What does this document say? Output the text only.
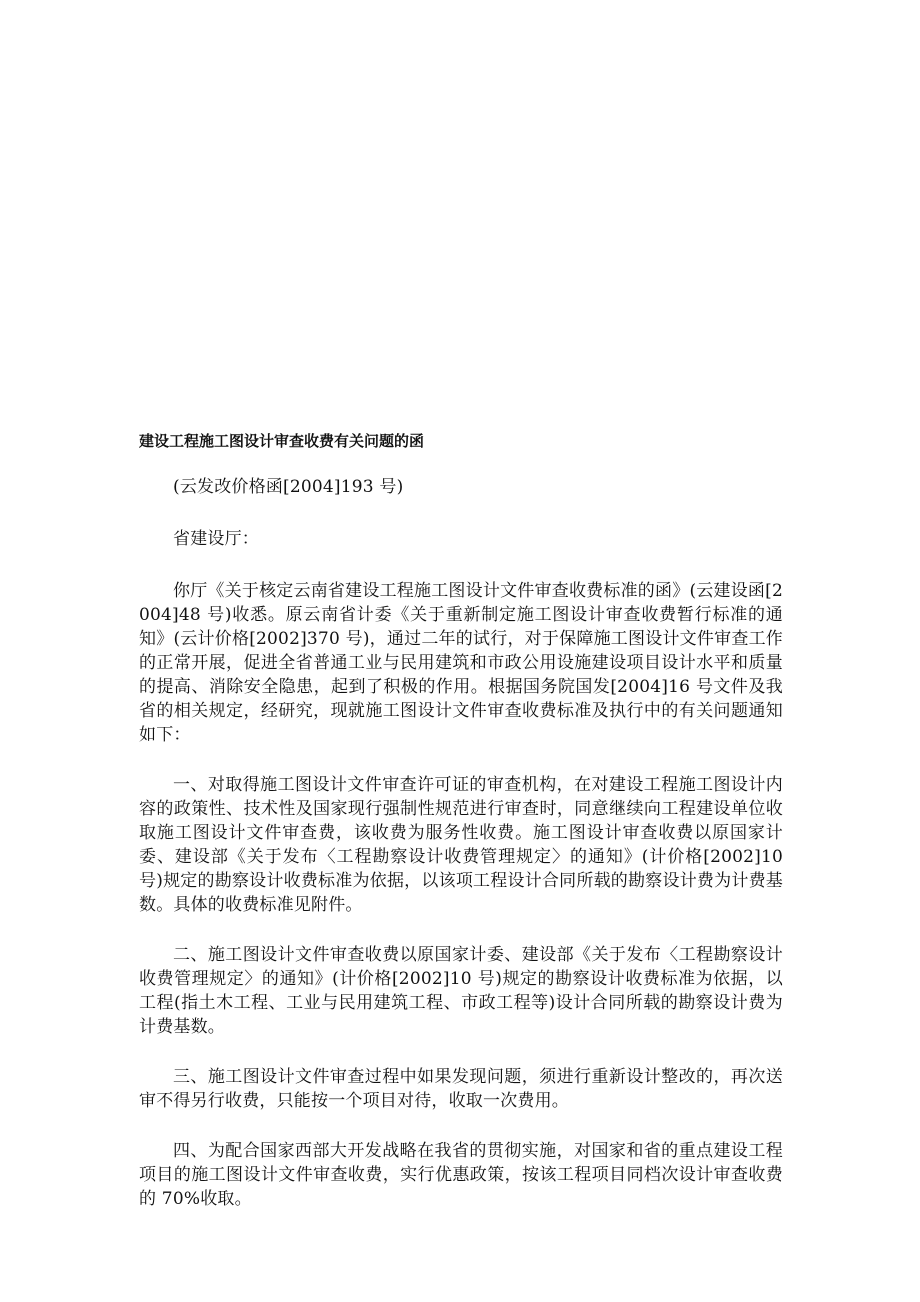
建设工程施工图设计审查收费有关问题的函

(云发改价格函[2004]193 号)

省建设厅：

你厅《关于核定云南省建设工程施工图设计文件审查收费标准的函》(云建设函[2004]48 号)收悉。原云南省计委《关于重新制定施工图设计审查收费暂行标准的通知》(云计价格[2002]370 号)，通过二年的试行，对于保障施工图设计文件审查工作的正常开展，促进全省普通工业与民用建筑和市政公用设施建设项目设计水平和质量的提高、消除安全隐患，起到了积极的作用。根据国务院国发[2004]16 号文件及我省的相关规定，经研究，现就施工图设计文件审查收费标准及执行中的有关问题通知如下：

一、对取得施工图设计文件审查许可证的审查机构，在对建设工程施工图设计内容的政策性、技术性及国家现行强制性规范进行审查时，同意继续向工程建设单位收取施工图设计文件审查费，该收费为服务性收费。施工图设计审查收费以原国家计委、建设部《关于发布〈工程勘察设计收费管理规定〉的通知》(计价格[2002]10 号)规定的勘察设计收费标准为依据，以该项工程设计合同所载的勘察设计费为计费基数。具体的收费标准见附件。

二、施工图设计文件审查收费以原国家计委、建设部《关于发布〈工程勘察设计收费管理规定〉的通知》(计价格[2002]10 号)规定的勘察设计收费标准为依据，以工程(指土木工程、工业与民用建筑工程、市政工程等)设计合同所载的勘察设计费为计费基数。

三、施工图设计文件审查过程中如果发现问题，须进行重新设计整改的，再次送审不得另行收费，只能按一个项目对待，收取一次费用。

四、为配合国家西部大开发战略在我省的贯彻实施，对国家和省的重点建设工程项目的施工图设计文件审查收费，实行优惠政策，按该工程项目同档次设计审查收费的 70%收取。
